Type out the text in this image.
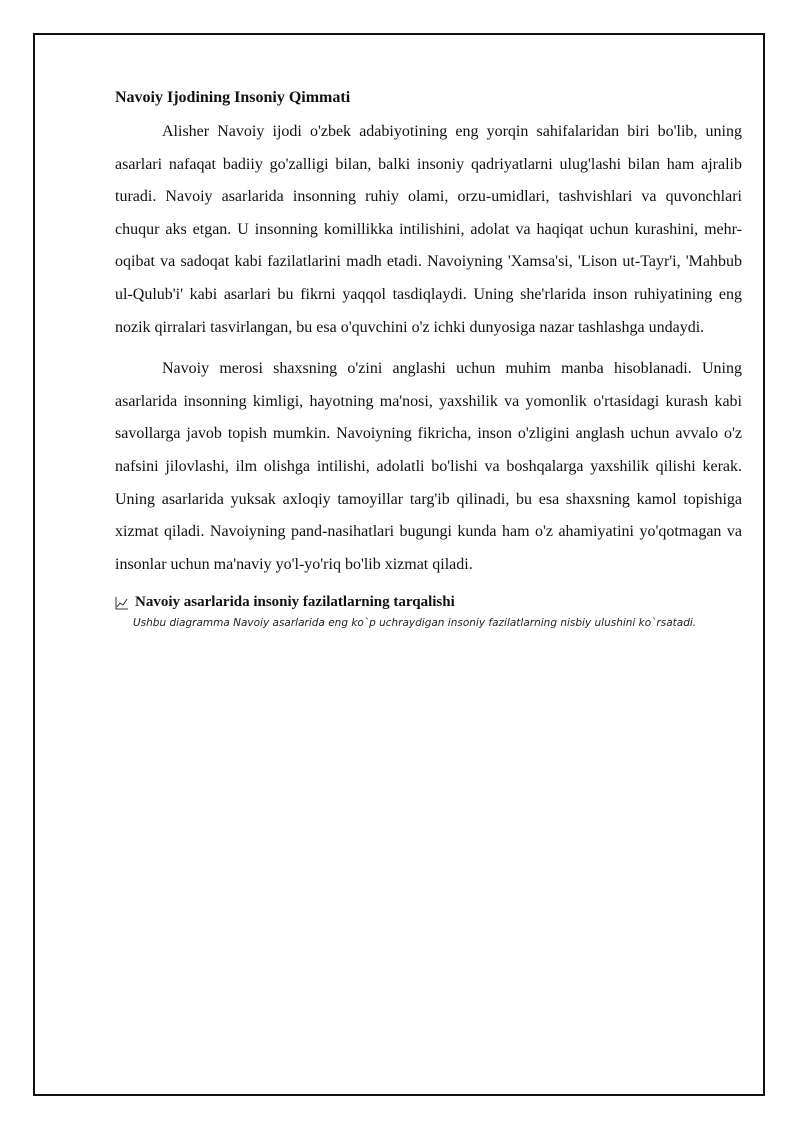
Navoiy Ijodining Insoniy Qimmati

Alisher Navoiy ijodi o'zbek adabiyotining eng yorqin sahifalaridan biri bo'lib, uning asarlari nafaqat badiiy go'zalligi bilan, balki insoniy qadriyatlarni ulug'lashi bilan ham ajralib turadi. Navoiy asarlarida insonning ruhiy olami, orzu-umidlari, tashvishlari va quvonchlari chuqur aks etgan. U insonning komillikka intilishini, adolat va haqiqat uchun kurashini, mehr-oqibat va sadoqat kabi fazilatlarini madh etadi. Navoiyning 'Xamsa'si, 'Lison ut-Tayr'i, 'Mahbub ul-Qulub'i' kabi asarlari bu fikrni yaqqol tasdiqlaydi. Uning she'rlarida inson ruhiyatining eng nozik qirralari tasvirlangan, bu esa o'quvchini o'z ichki dunyosiga nazar tashlashga undaydi.

Navoiy merosi shaxsning o'zini anglashi uchun muhim manba hisoblanadi. Uning asarlarida insonning kimligi, hayotning ma'nosi, yaxshilik va yomonlik o'rtasidagi kurash kabi savollarga javob topish mumkin. Navoiyning fikricha, inson o'zligini anglash uchun avvalo o'z nafsini jilovlashi, ilm olishga intilishi, adolatli bo'lishi va boshqalarga yaxshilik qilishi kerak. Uning asarlarida yuksak axloqiy tamoyillar targ'ib qilinadi, bu esa shaxsning kamol topishiga xizmat qiladi. Navoiyning pand-nasihatlari bugungi kunda ham o'z ahamiyatini yo'qotmagan va insonlar uchun ma'naviy yo'l-yo'riq bo'lib xizmat qiladi.

Navoiy asarlarida insoniy fazilatlarning tarqalishi
Ushbu diagramma Navoiy asarlarida eng ko`p uchraydigan insoniy fazilatlarning nisbiy ulushini ko`rsatadi.
